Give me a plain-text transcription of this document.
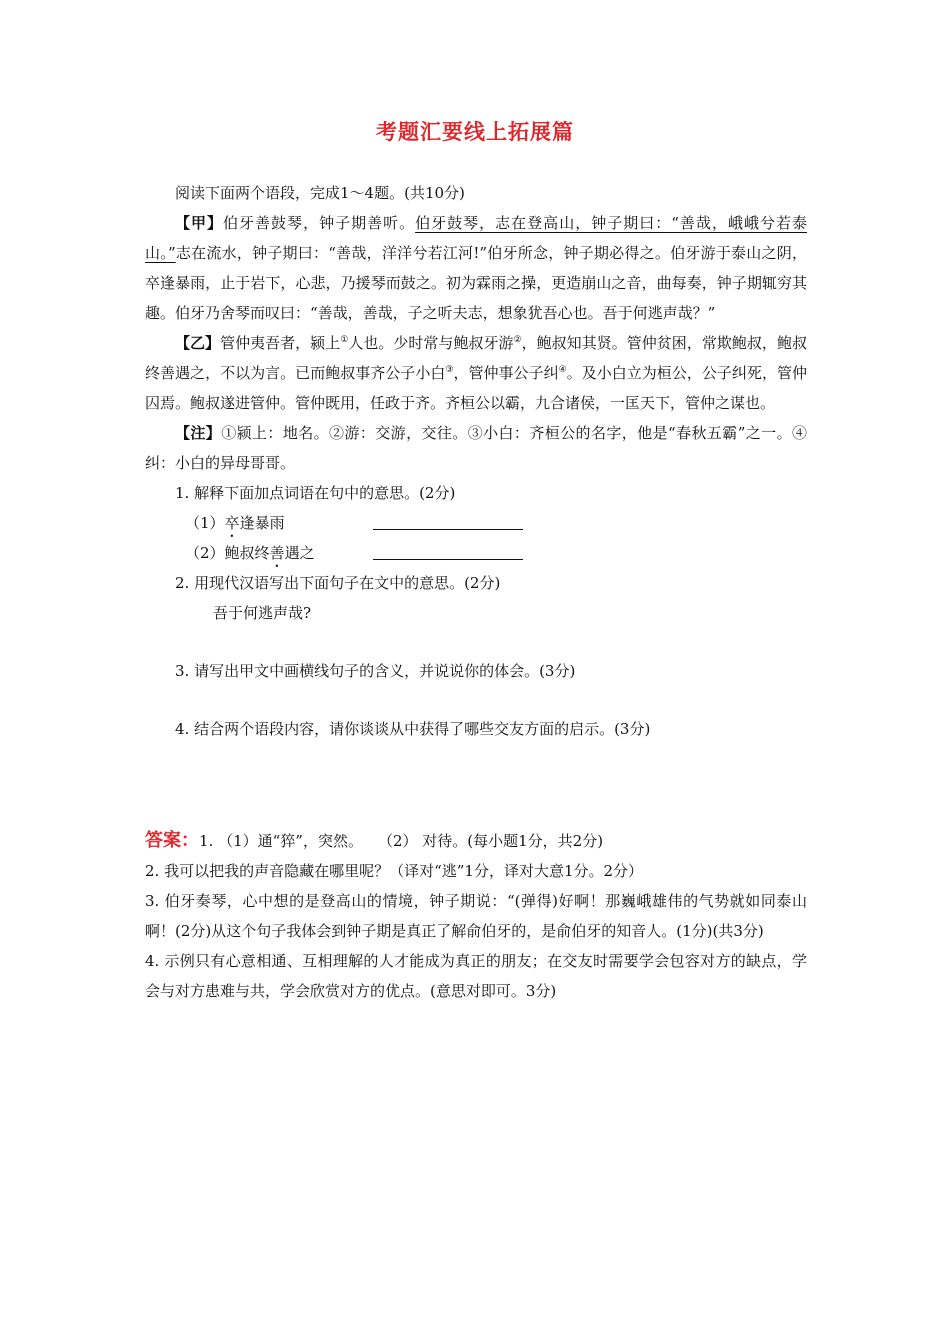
考题汇要线上拓展篇

阅读下面两个语段，完成1～4题。(共10分)

【甲】伯牙善鼓琴，钟子期善听。伯牙鼓琴，志在登高山，钟子期曰：“善哉，峨峨兮若泰山。”志在流水，钟子期曰：“善哉，洋洋兮若江河!”伯牙所念，钟子期必得之。伯牙游于泰山之阴，卒逢暴雨，止于岩下，心悲，乃援琴而鼓之。初为霖雨之操，更造崩山之音，曲每奏，钟子期辄穷其趣。伯牙乃舍琴而叹曰：“善哉，善哉，子之听夫志，想象犹吾心也。吾于何逃声哉？”

【乙】管仲夷吾者，颍上①人也。少时常与鲍叔牙游②，鲍叔知其贤。管仲贫困，常欺鲍叔，鲍叔终善遇之，不以为言。已而鲍叔事齐公子小白③，管仲事公子纠④。及小白立为桓公，公子纠死，管仲囚焉。鲍叔遂进管仲。管仲既用，任政于齐。齐桓公以霸，九合诸侯，一匡天下，管仲之谋也。

【注】①颍上：地名。②游：交游，交往。③小白：齐桓公的名字，他是“春秋五霸”之一。④纠：小白的异母哥哥。

1. 解释下面加点词语在句中的意思。(2分)

（1）卒逢暴雨
（2）鲍叔终善遇之

2. 用现代汉语写出下面句子在文中的意思。(2分)

吾于何逃声哉?

3. 请写出甲文中画横线句子的含义，并说说你的体会。(3分)

4. 结合两个语段内容，请你谈谈从中获得了哪些交友方面的启示。(3分)

答案：1. （1）通“猝”，突然。　　（2） 对待。(每小题1分，共2分)

2. 我可以把我的声音隐藏在哪里呢？（译对“逃”1分，译对大意1分。2分）

3. 伯牙奏琴，心中想的是登高山的情境，钟子期说：“(弹得)好啊！那巍峨雄伟的气势就如同泰山啊！(2分)从这个句子我体会到钟子期是真正了解俞伯牙的，是俞伯牙的知音人。(1分)(共3分)

4. 示例只有心意相通、互相理解的人才能成为真正的朋友；在交友时需要学会包容对方的缺点，学会与对方患难与共，学会欣赏对方的优点。(意思对即可。3分)
